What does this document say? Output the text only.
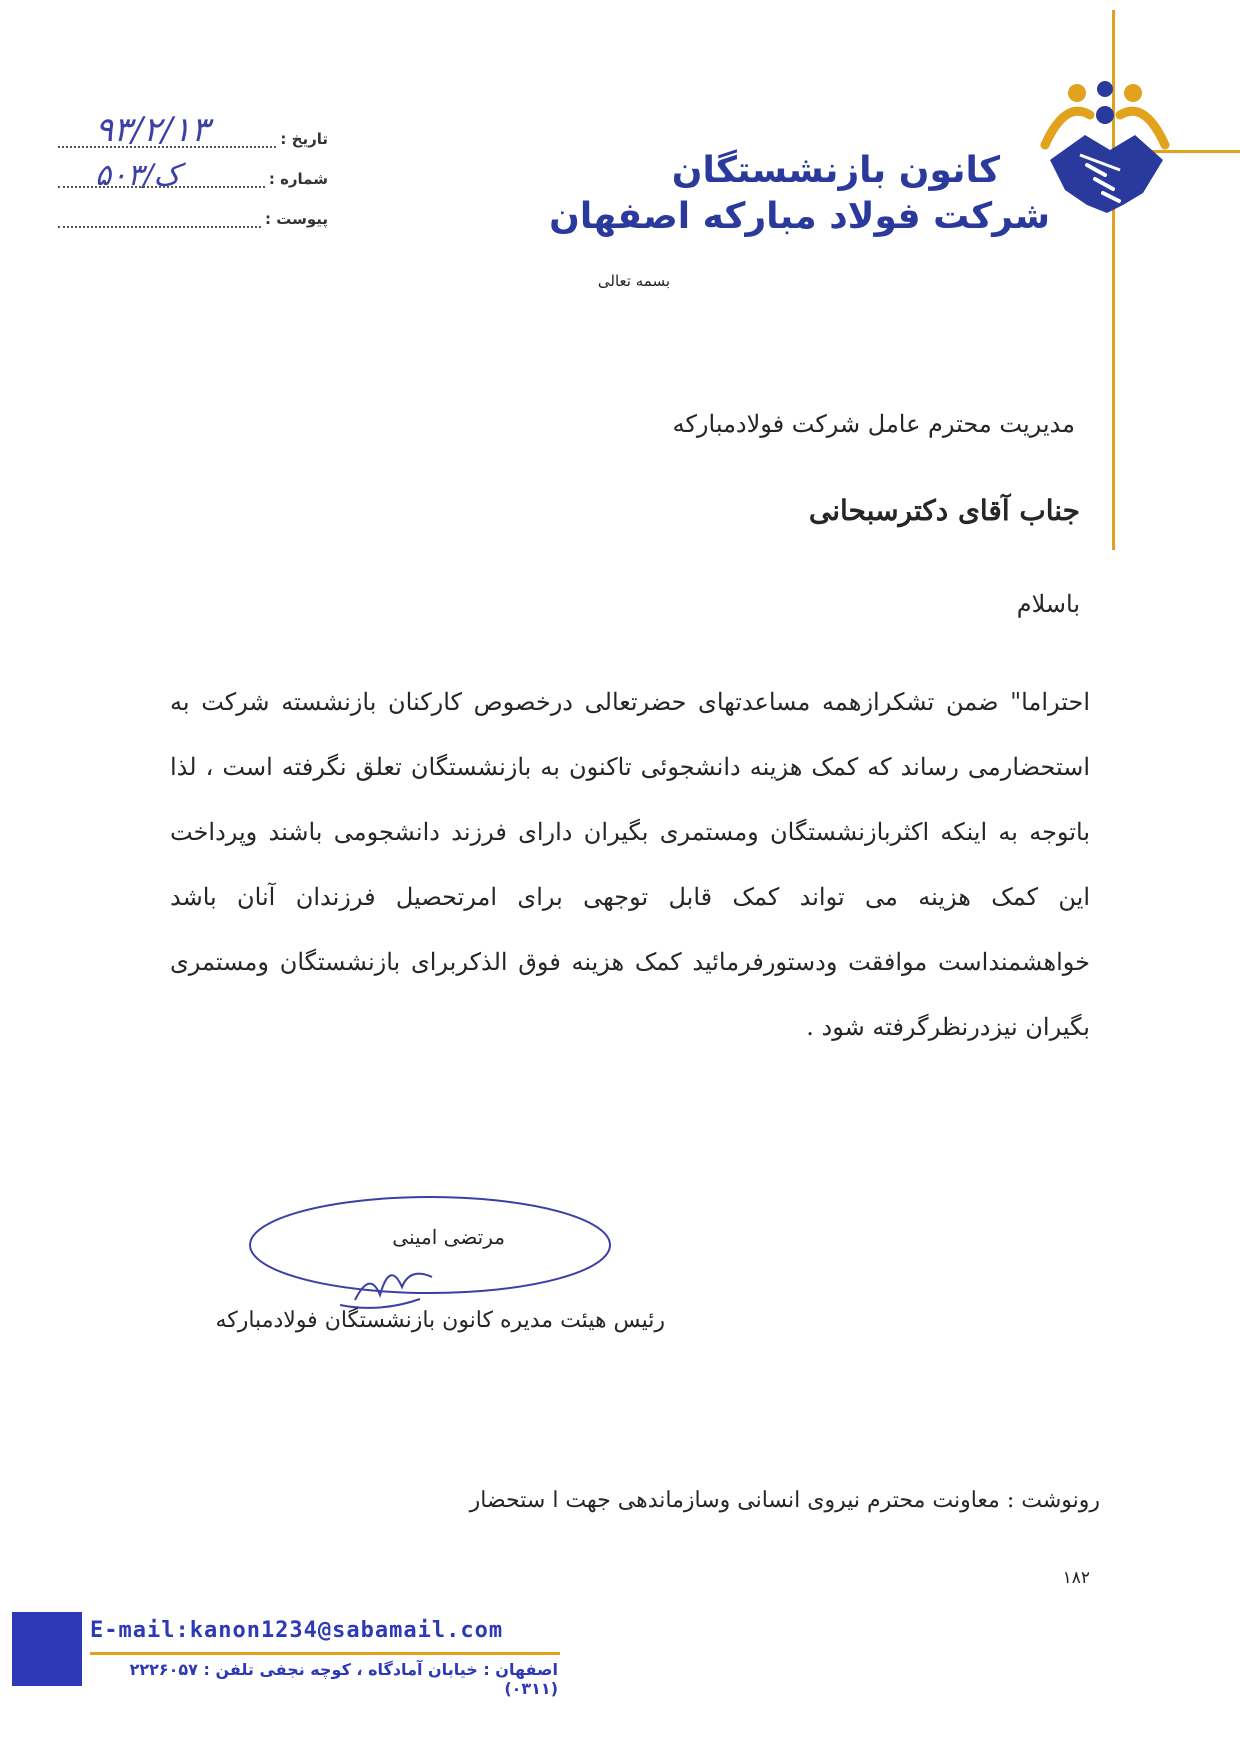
کانون بازنشستگان
شرکت فولاد مبارکه اصفهان
تاریخ :
شماره :
پیوست :
۹۳/۲/۱۳
ک/۵۰۳
بسمه تعالی
مدیریت محترم عامل شرکت فولادمبارکه
جناب آقای دکترسبحانی
باسلام
احتراما" ضمن تشکرازهمه مساعدتهای حضرتعالی درخصوص کارکنان بازنشسته شرکت به استحضارمی رساند که کمک هزینه دانشجوئی تاکنون به بازنشستگان تعلق نگرفته است ، لذا باتوجه به اینکه اکثربازنشستگان ومستمری بگیران دارای فرزند دانشجومی باشند وپرداخت این کمک هزینه می تواند کمک قابل توجهی برای امرتحصیل فرزندان آنان باشد خواهشمنداست موافقت ودستورفرمائید کمک هزینه فوق الذکربرای بازنشستگان ومستمری بگیران نیزدرنظرگرفته شود .
مرتضی امینی
رئیس هیئت مدیره کانون بازنشستگان فولادمبارکه
رونوشت : معاونت محترم نیروی انسانی وسازماندهی جهت ا ستحضار
۱۸۲
E-mail:kanon1234@sabamail.com
اصفهان : خیابان آمادگاه ، کوچه نجفی تلفن : ۲۲۲۶۰۵۷ (۰۳۱۱)
